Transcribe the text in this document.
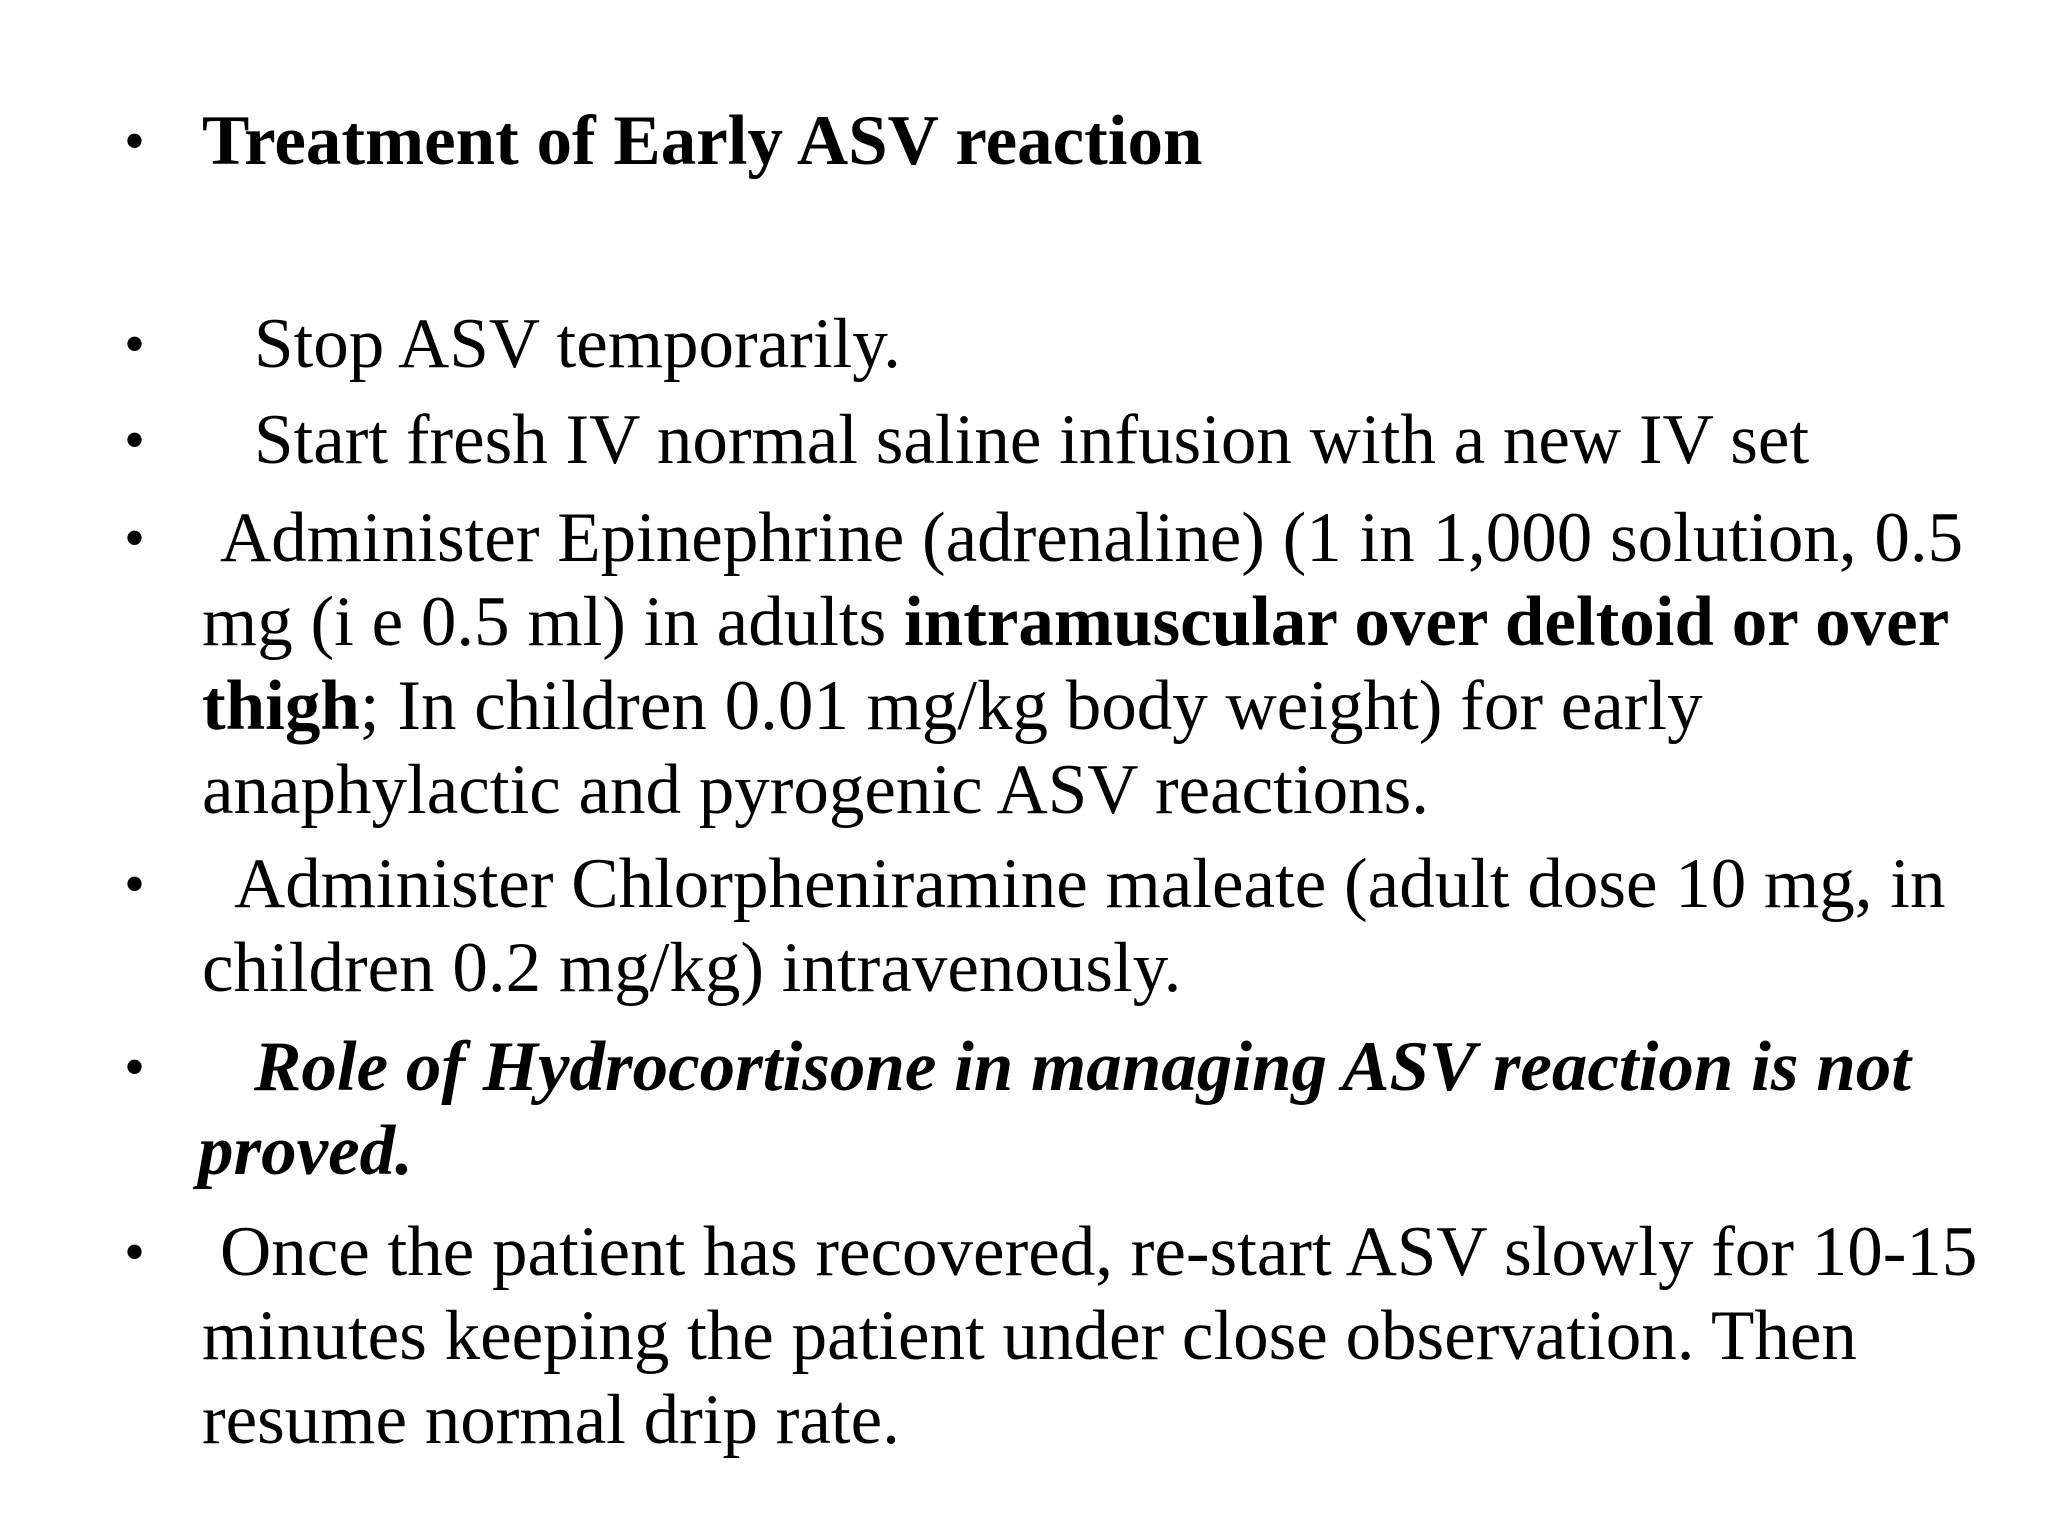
• Treatment of Early ASV reaction
• Stop ASV temporarily.
• Start fresh IV normal saline infusion with a new IV set
• Administer Epinephrine (adrenaline) (1 in 1,000 solution, 0.5
mg (i e 0.5 ml) in adults intramuscular over deltoid or over
thigh; In children 0.01 mg/kg body weight) for early
anaphylactic and pyrogenic ASV reactions.
•	Administer Chlorpheniramine maleate (adult dose 10 mg, in
children 0.2 mg/kg) intravenously.
•	Role of Hydrocortisone in managing ASV reaction is not
proved.
• Once the patient has recovered, re-start ASV slowly for 10-15
minutes keeping the patient under close observation. Then
resume normal drip rate.
